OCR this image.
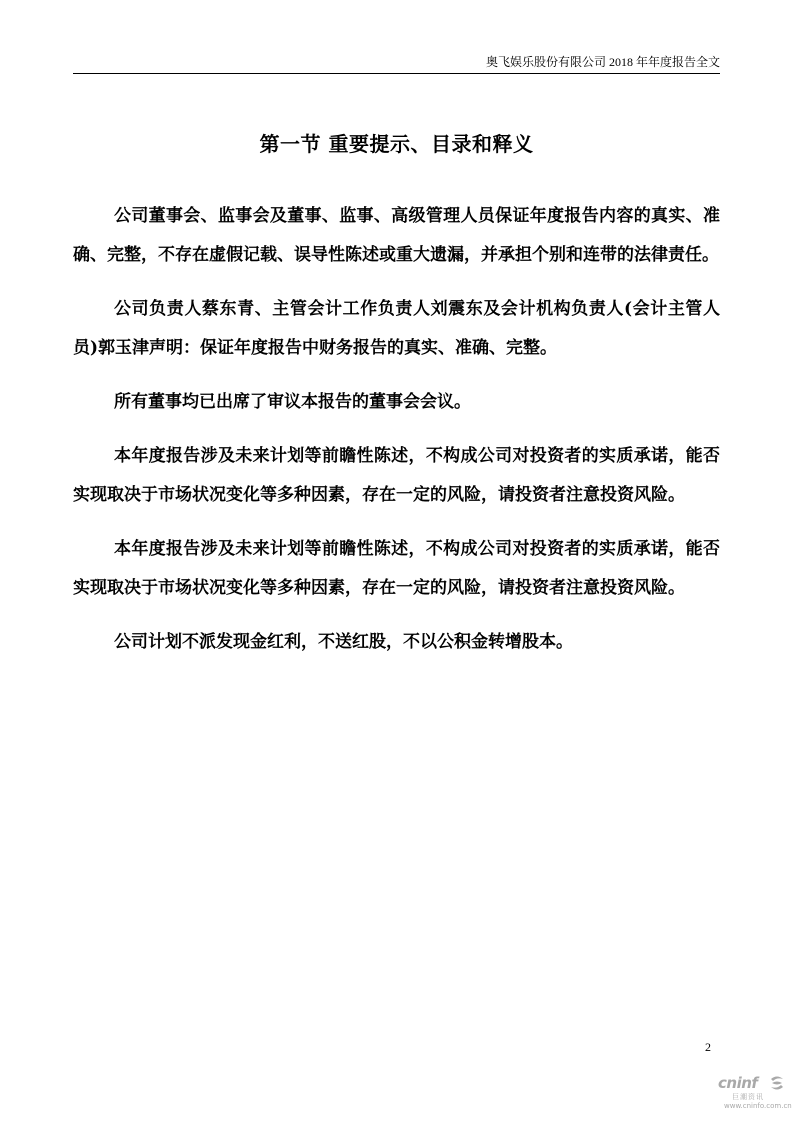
奥飞娱乐股份有限公司 2018 年年度报告全文
第一节 重要提示、目录和释义

公司董事会、监事会及董事、监事、高级管理人员保证年度报告内容的真实、准确、完整，不存在虚假记载、误导性陈述或重大遗漏，并承担个别和连带的法律责任。

公司负责人蔡东青、主管会计工作负责人刘震东及会计机构负责人(会计主管人员)郭玉津声明：保证年度报告中财务报告的真实、准确、完整。

所有董事均已出席了审议本报告的董事会会议。

本年度报告涉及未来计划等前瞻性陈述，不构成公司对投资者的实质承诺，能否实现取决于市场状况变化等多种因素，存在一定的风险，请投资者注意投资风险。

本年度报告涉及未来计划等前瞻性陈述，不构成公司对投资者的实质承诺，能否实现取决于市场状况变化等多种因素，存在一定的风险，请投资者注意投资风险。

公司计划不派发现金红利，不送红股，不以公积金转增股本。

2
cninf
巨潮资讯
www.cninfo.com.cn
